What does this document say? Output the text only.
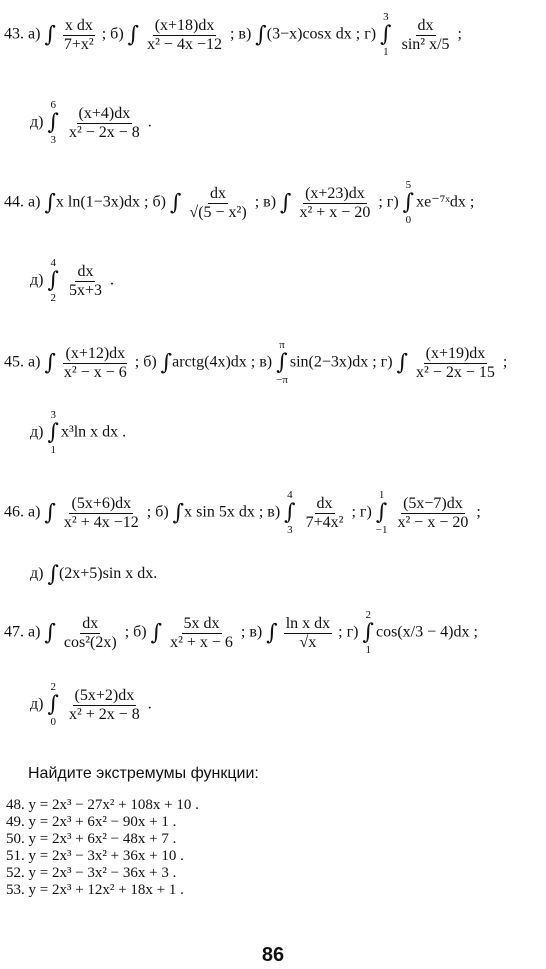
43. а) ∫ $\frac{\text{x dx}}{\text{7+x²}}$ ; б) ∫ $\frac{(x+18)dx}{\text{x² − 4x −12}}$ ; в) ∫(3−x)cosx dx ; г)
3
∫
1
$\frac{dx}{\text{sin² x/5}}$ ;
д)
6
∫
3
$\frac{(x+4)dx}{\text{x² − 2x − 8}}$ .
44. а) ∫x ln(1−3x)dx ; б) ∫ $\frac{dx}{\text{√(5 − x²)}}$ ; в) ∫ $\frac{(x+23)dx}{\text{x² + x − 20}}$ ; г)
5
∫
0
xe⁻⁷ˣdx ;
д)
4
∫
2
$\frac{dx}{5x+3}$ .
45. а) ∫ $\frac{(x+12)dx}{\text{x² − x − 6}}$ ; б) ∫arctg(4x)dx ; в)
π
∫
−π
sin(2−3x)dx ; г) ∫ $\frac{(x+19)dx}{\text{x² − 2x − 15}}$ ;
д)
3
∫
1
x³ln x dx .
46. а) ∫ $\frac{(5x+6)dx}{\text{x² + 4x −12}}$ ; б) ∫x sin 5x dx ; в)
4
∫
3
$\frac{dx}{\text{7+4x²}}$ ; г)
1
∫
−1
$\frac{(5x-7)dx}{\text{x² − x − 20}}$ ;
д) ∫(2x+5)sin x dx.
47. а) ∫ $\frac{dx}{\text{cos²(2x)}}$ ; б) ∫ $\frac{\text{5x dx}}{\text{x² + x − 6}}$ ; в) ∫ $\frac{\text{ln x dx}}{√x}$ ; г)
2
∫
1
cos(x/3 − 4)dx ;
д)
2
∫
0
$\frac{(5x+2)dx}{\text{x² + 2x − 8}}$ .
Найдите экстремумы функции:
48. y = 2x³ − 27x² + 108x + 10 .
49. y = 2x³ + 6x² − 90x + 1 .
50. y = 2x³ + 6x² − 48x + 7 .
51. y = 2x³ − 3x² + 36x + 10 .
52. y = 2x³ − 3x² − 36x + 3 .
53. y = 2x³ + 12x² + 18x + 1 .
86
